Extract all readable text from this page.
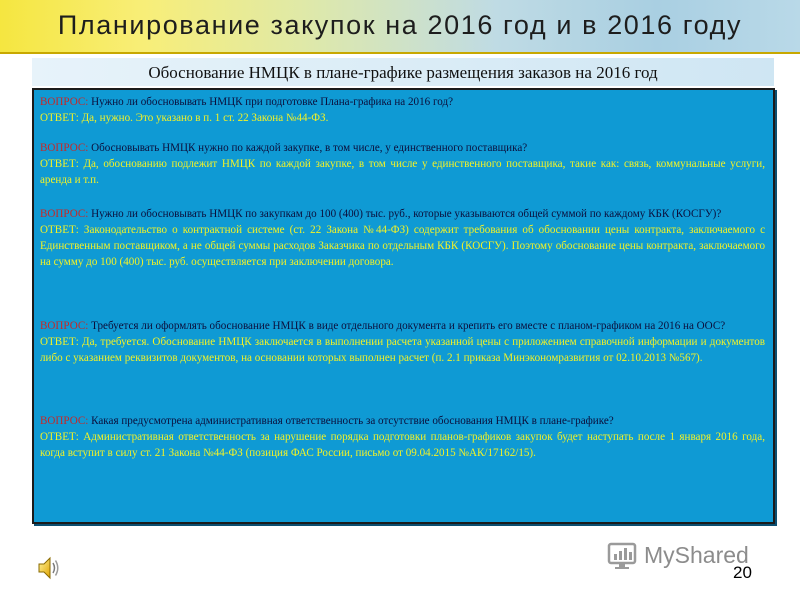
Планирование закупок на 2016 год и в 2016 году
Обоснование НМЦК в плане-графике размещения заказов на 2016 год
ВОПРОС: Нужно ли обосновывать НМЦК при подготовке Плана-графика на 2016 год?
ОТВЕТ: Да, нужно. Это указано в п. 1 ст. 22 Закона №44-ФЗ.
ВОПРОС: Обосновывать НМЦК нужно по каждой закупке, в том числе, у единственного поставщика?
ОТВЕТ: Да, обоснованию подлежит НМЦК по каждой закупке, в том числе у единственного поставщика, такие как: связь, коммунальные услуги, аренда и т.п.
ВОПРОС: Нужно ли обосновывать НМЦК по закупкам до 100 (400) тыс. руб., которые указываются общей суммой по каждому КБК (КОСГУ)?
ОТВЕТ: Законодательство о контрактной системе (ст. 22 Закона №44-ФЗ) содержит требования об обосновании цены контракта, заключаемого с Единственным поставщиком, а не общей суммы расходов Заказчика по отдельным КБК (КОСГУ). Поэтому обоснование цены контракта, заключаемого на сумму до 100 (400) тыс. руб. осуществляется при заключении договора.
ВОПРОС: Требуется ли оформлять обоснование НМЦК в виде отдельного документа и крепить его вместе с планом-графиком на 2016 на ООС?
ОТВЕТ: Да, требуется. Обоснование НМЦК заключается в выполнении расчета указанной цены с приложением справочной информации и документов либо с указанием реквизитов документов, на основании которых выполнен расчет (п. 2.1 приказа Минэкономразвития от 02.10.2013 №567).
ВОПРОС: Какая предусмотрена административная ответственность за отсутствие обоснования НМЦК в плане-графике?
ОТВЕТ: Административная ответственность за нарушение порядка подготовки планов-графиков закупок будет наступать после 1 января 2016 года, когда вступит в силу ст. 21 Закона №44-ФЗ (позиция ФАС России, письмо от 09.04.2015 №АК/17162/15).
MyShared
20
